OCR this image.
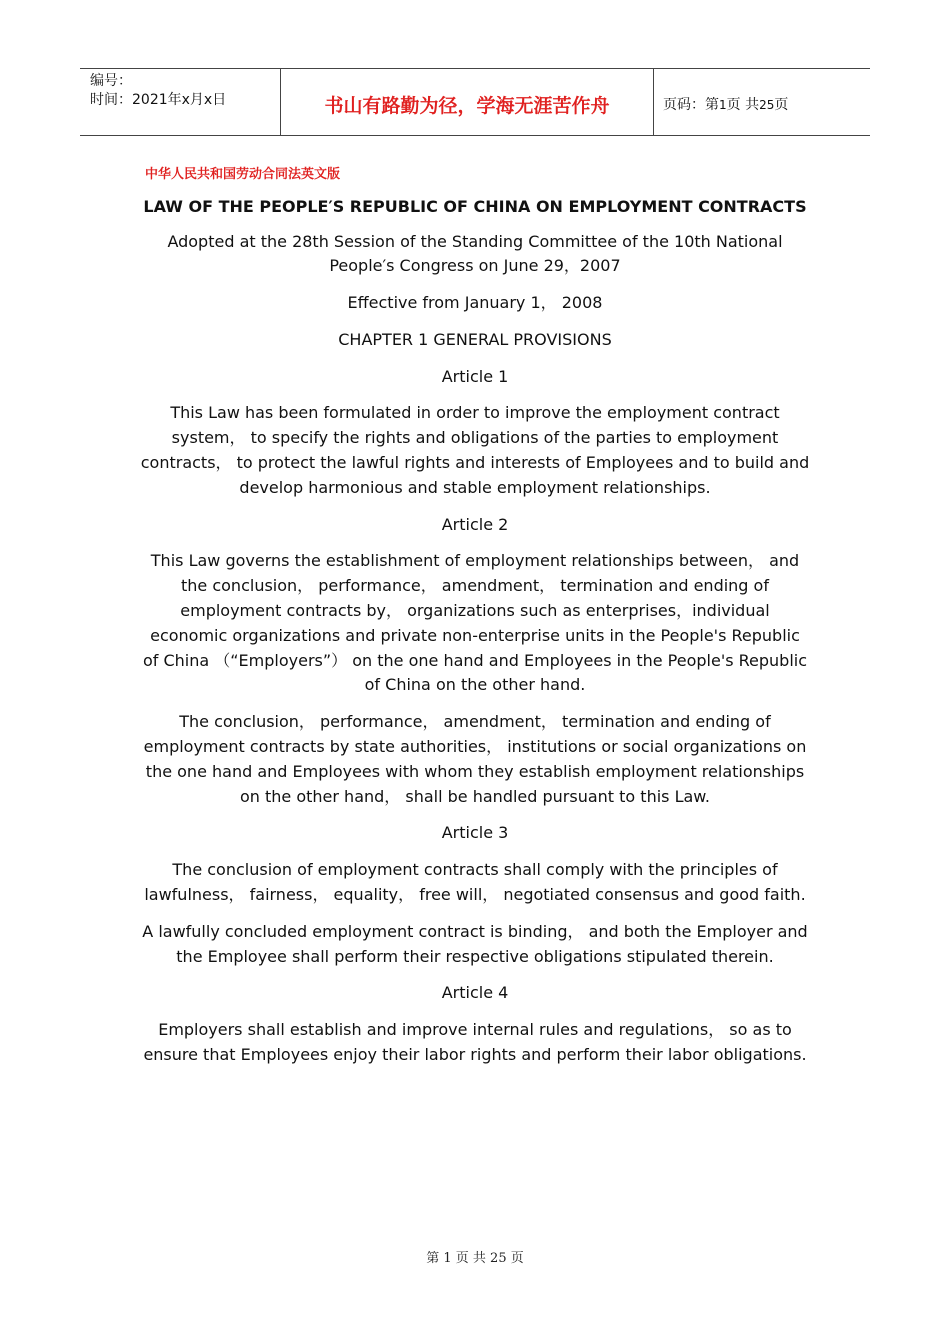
编号：
时间：2021年x月x日	书山有路勤为径，学海无涯苦作舟	页码：第1页 共25页
中华人民共和国劳动合同法英文版
LAW OF THE PEOPLE′S REPUBLIC OF CHINA ON EMPLOYMENT CONTRACTS
Adopted at the 28th Session of the Standing Committee of the 10th National People′s Congress on June 29，2007
Effective from January 1， 2008
CHAPTER 1 GENERAL PROVISIONS
Article 1
This Law has been formulated in order to improve the employment contract system， to specify the rights and obligations of the parties to employment contracts， to protect the lawful rights and interests of Employees and to build and develop harmonious and stable employment relationships.
Article 2
This Law governs the establishment of employment relationships between， and the conclusion， performance， amendment， termination and ending of employment contracts by， organizations such as enterprises，individual economic organizations and private non-enterprise units in the People's Republic of China （“Employers”） on the one hand and Employees in the People's Republic of China on the other hand.
The conclusion， performance， amendment， termination and ending of employment contracts by state authorities， institutions or social organizations on the one hand and Employees with whom they establish employment relationships on the other hand， shall be handled pursuant to this Law.
Article 3
The conclusion of employment contracts shall comply with the principles of lawfulness， fairness， equality， free will， negotiated consensus and good faith.
A lawfully concluded employment contract is binding， and both the Employer and the Employee shall perform their respective obligations stipulated therein.
Article 4
Employers shall establish and improve internal rules and regulations， so as to ensure that Employees enjoy their labor rights and perform their labor obligations.
第 1 页 共 25 页
